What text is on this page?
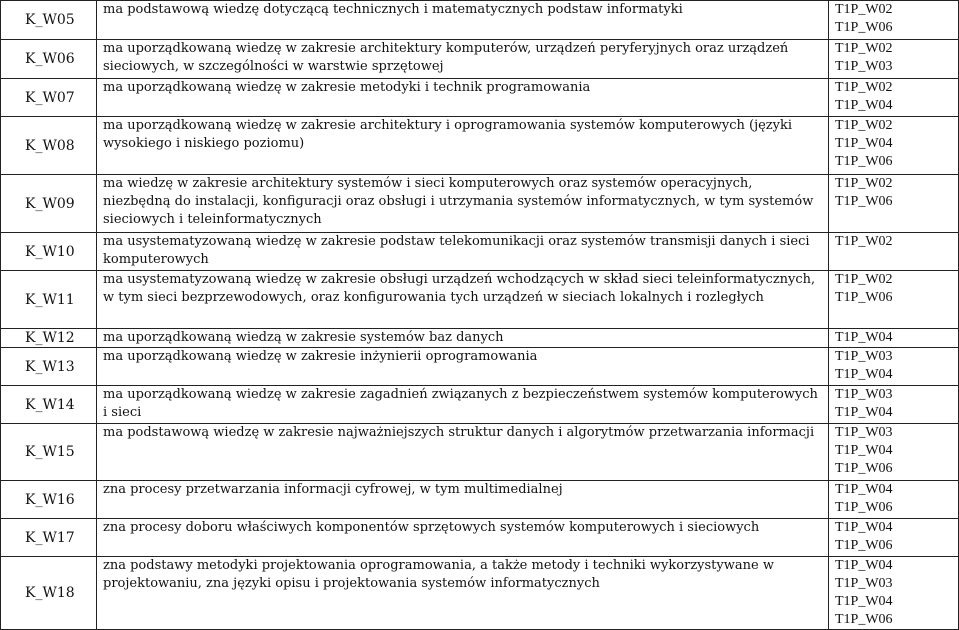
K_W05	ma podstawową wiedzę dotyczącą technicznych i matematycznych podstaw informatyki	T1P_W02
T1P_W06

K_W06	ma uporządkowaną wiedzę w zakresie architektury komputerów, urządzeń peryferyjnych oraz urządzeń sieciowych, w szczególności w warstwie sprzętowej	T1P_W02
T1P_W03

K_W07	ma uporządkowaną wiedzę w zakresie metodyki i technik programowania	T1P_W02
T1P_W04

K_W08	ma uporządkowaną wiedzę w zakresie architektury i oprogramowania systemów komputerowych (języki wysokiego i niskiego poziomu)	T1P_W02
T1P_W04
T1P_W06

K_W09	ma wiedzę w zakresie architektury systemów i sieci komputerowych oraz systemów operacyjnych, niezbędną do instalacji, konfiguracji oraz obsługi i utrzymania systemów informatycznych, w tym systemów sieciowych i teleinformatycznych	T1P_W02
T1P_W06

K_W10	ma usystematyzowaną wiedzę w zakresie podstaw telekomunikacji oraz systemów transmisji danych i sieci komputerowych	T1P_W02

K_W11	ma usystematyzowaną wiedzę w zakresie obsługi urządzeń wchodzących w skład sieci teleinformatycznych, w tym sieci bezprzewodowych, oraz konfigurowania tych urządzeń w sieciach lokalnych i rozległych	T1P_W02
T1P_W06

K_W12	ma uporządkowaną wiedzą w zakresie systemów baz danych	T1P_W04

K_W13	ma uporządkowaną wiedzę w zakresie inżynierii oprogramowania	T1P_W03
T1P_W04

K_W14	ma uporządkowaną wiedzę w zakresie zagadnień związanych z bezpieczeństwem systemów komputerowych i sieci	T1P_W03
T1P_W04

K_W15	ma podstawową wiedzę w zakresie najważniejszych struktur danych i algorytmów przetwarzania informacji	T1P_W03
T1P_W04
T1P_W06

K_W16	zna procesy przetwarzania informacji cyfrowej, w tym multimedialnej	T1P_W04
T1P_W06

K_W17	zna procesy doboru właściwych komponentów sprzętowych systemów komputerowych i sieciowych	T1P_W04
T1P_W06

K_W18	zna podstawy metodyki projektowania oprogramowania, a także metody i techniki wykorzystywane w projektowaniu, zna języki opisu i projektowania systemów informatycznych	T1P_W04
T1P_W03
T1P_W04
T1P_W06
